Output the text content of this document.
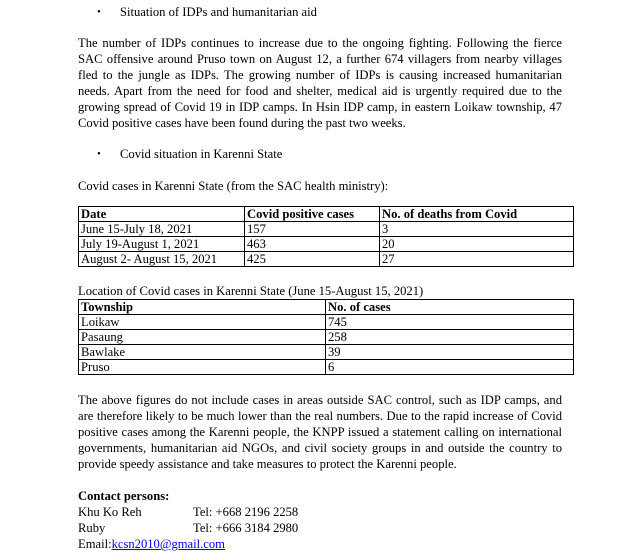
• Situation of IDPs and humanitarian aid

The number of IDPs continues to increase due to the ongoing fighting. Following the fierce SAC offensive around Pruso town on August 12, a further 674 villagers from nearby villages fled to the jungle as IDPs. The growing number of IDPs is causing increased humanitarian needs. Apart from the need for food and shelter, medical aid is urgently required due to the growing spread of Covid 19 in IDP camps. In Hsin IDP camp, in eastern Loikaw township, 47 Covid positive cases have been found during the past two weeks.

• Covid situation in Karenni State
Covid cases in Karenni State (from the SAC health ministry):
Date	Covid positive cases	No. of deaths from Covid
June 15-July 18, 2021	157	3
July 19-August 1, 2021	463	20
August 2- August 15, 2021	425	27
Location of Covid cases in Karenni State (June 15-August 15, 2021)
Township	No. of cases
Loikaw	745
Pasaung	258
Bawlake	39
Pruso	6

The above figures do not include cases in areas outside SAC control, such as IDP camps, and are therefore likely to be much lower than the real numbers. Due to the rapid increase of Covid positive cases among the Karenni people, the KNPP issued a statement calling on international governments, humanitarian aid NGOs, and civil society groups in and outside the country to provide speedy assistance and take measures to protect the Karenni people.

Contact persons:
Khu Ko Reh	Tel: +668 2196 2258
Ruby	Tel: +666 3184 2980
Email: kcsn2010@gmail.com
